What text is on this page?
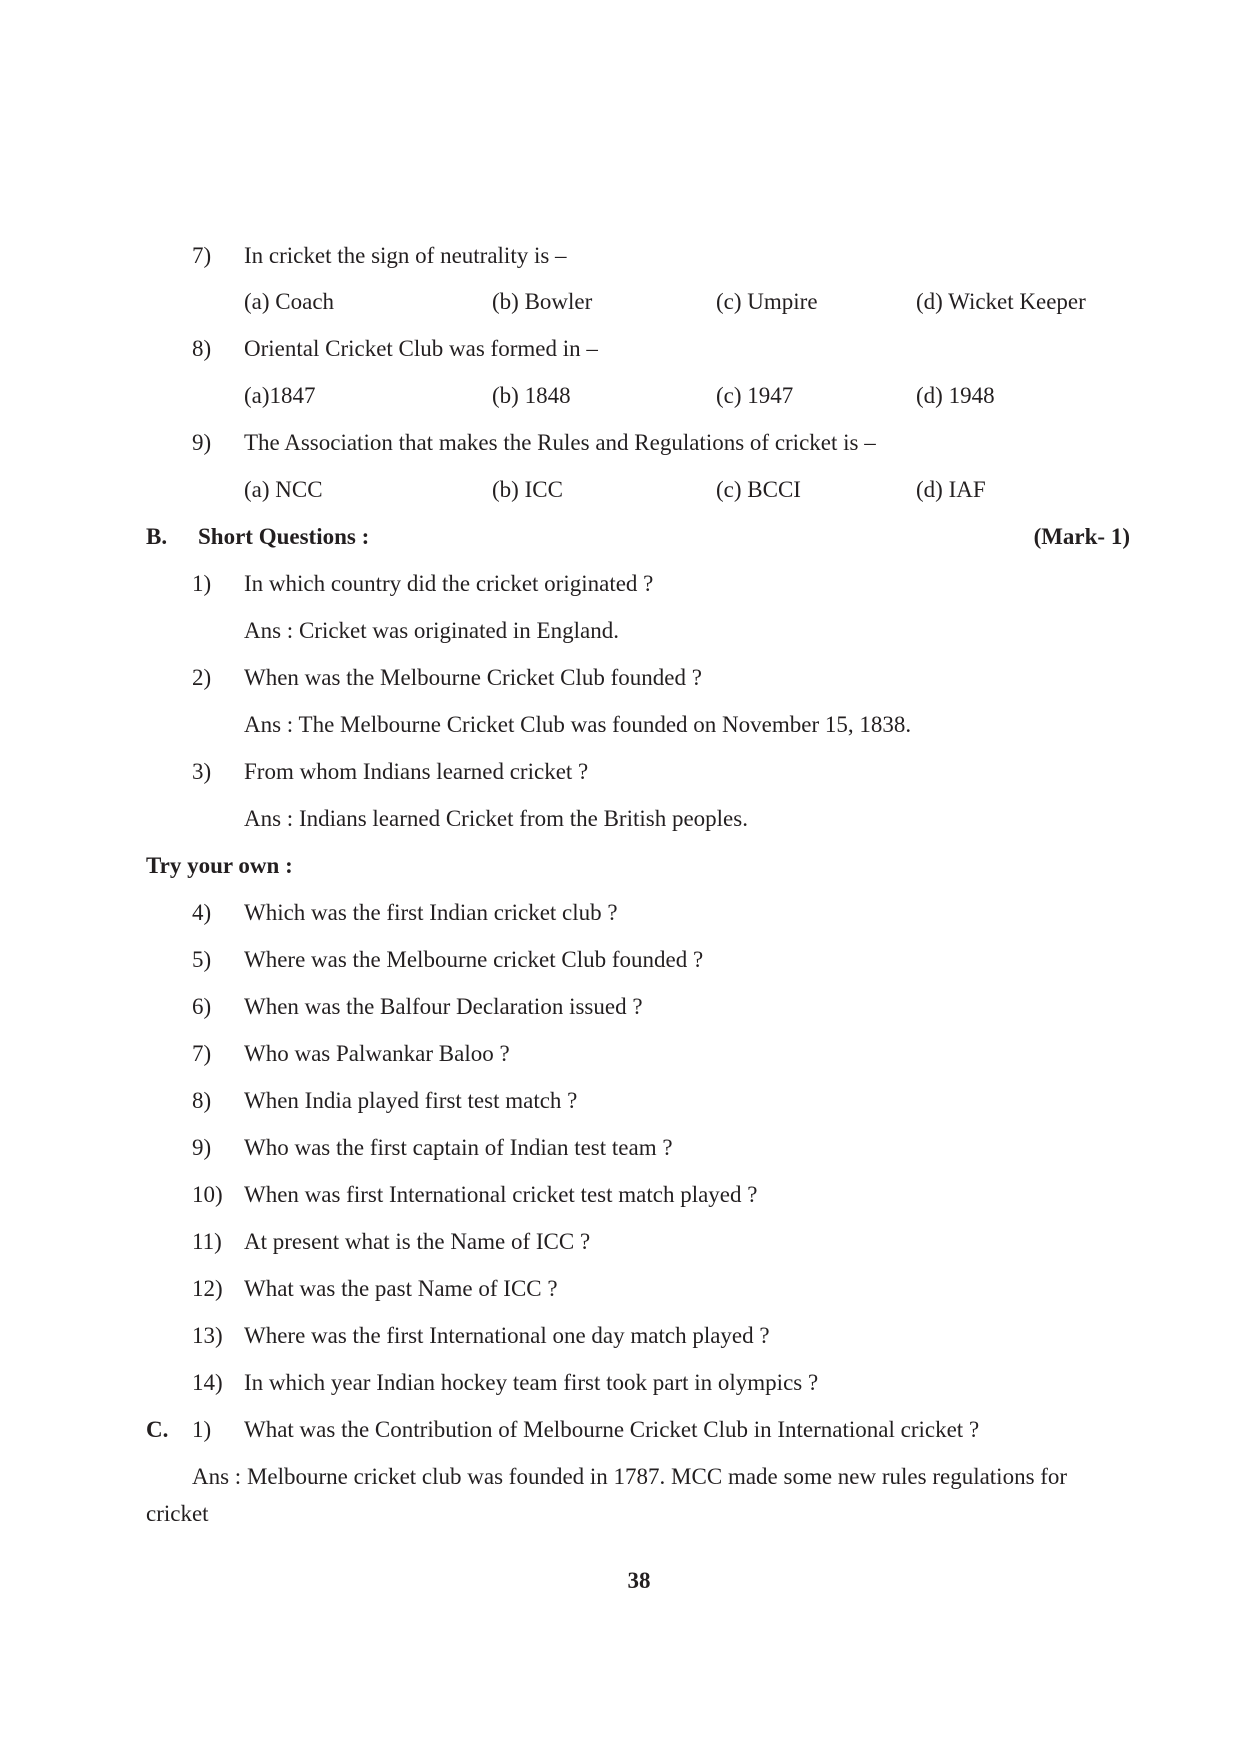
7) In cricket the sign of neutrality is –
(a) Coach	(b) Bowler	(c) Umpire	(d) Wicket Keeper
8) Oriental Cricket Club was formed in –
(a)1847	(b) 1848	(c) 1947	(d) 1948
9) The Association that makes the Rules and Regulations of cricket is –
(a) NCC	(b) ICC	(c) BCCI	(d) IAF
B. Short Questions :	(Mark- 1)
1) In which country did the cricket originated ?
Ans : Cricket was originated in England.
2) When was the Melbourne Cricket Club founded ?
Ans : The Melbourne Cricket Club was founded on November 15, 1838.
3) From whom Indians learned cricket ?
Ans : Indians learned Cricket from the British peoples.
Try your own :
4) Which was the first Indian cricket club ?
5) Where was the Melbourne cricket Club founded ?
6) When was the Balfour Declaration issued ?
7) Who was Palwankar Baloo ?
8) When India played first test match ?
9) Who was the first captain of Indian test team ?
10) When was first International cricket test match played ?
11) At present what is the Name of ICC ?
12) What was the past Name of ICC ?
13) Where was the first International one day match played ?
14) In which year Indian hockey team first took part in olympics ?
C. 1) What was the Contribution of Melbourne Cricket Club in International cricket ?
Ans : Melbourne cricket club was founded in 1787. MCC made some new rules regulations for
cricket
38
